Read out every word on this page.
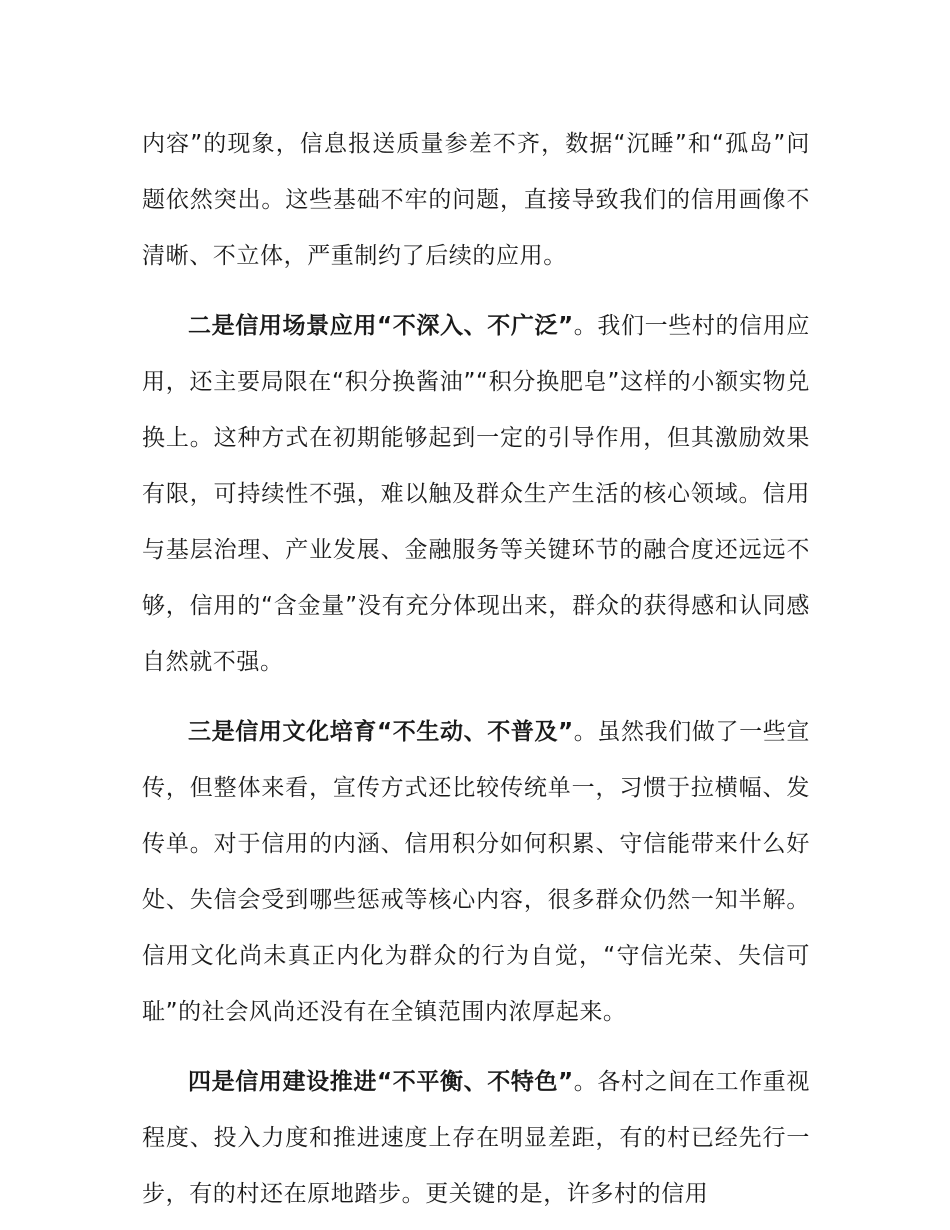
内容”的现象，信息报送质量参差不齐，数据“沉睡”和“孤岛”问题依然突出。这些基础不牢的问题，直接导致我们的信用画像不清晰、不立体，严重制约了后续的应用。

二是信用场景应用“不深入、不广泛”。我们一些村的信用应用，还主要局限在“积分换酱油”“积分换肥皂”这样的小额实物兑换上。这种方式在初期能够起到一定的引导作用，但其激励效果有限，可持续性不强，难以触及群众生产生活的核心领域。信用与基层治理、产业发展、金融服务等关键环节的融合度还远远不够，信用的“含金量”没有充分体现出来，群众的获得感和认同感自然就不强。

三是信用文化培育“不生动、不普及”。虽然我们做了一些宣传，但整体来看，宣传方式还比较传统单一，习惯于拉横幅、发传单。对于信用的内涵、信用积分如何积累、守信能带来什么好处、失信会受到哪些惩戒等核心内容，很多群众仍然一知半解。信用文化尚未真正内化为群众的行为自觉，“守信光荣、失信可耻”的社会风尚还没有在全镇范围内浓厚起来。

四是信用建设推进“不平衡、不特色”。各村之间在工作重视程度、投入力度和推进速度上存在明显差距，有的村已经先行一步，有的村还在原地踏步。更关键的是，许多村的信用
